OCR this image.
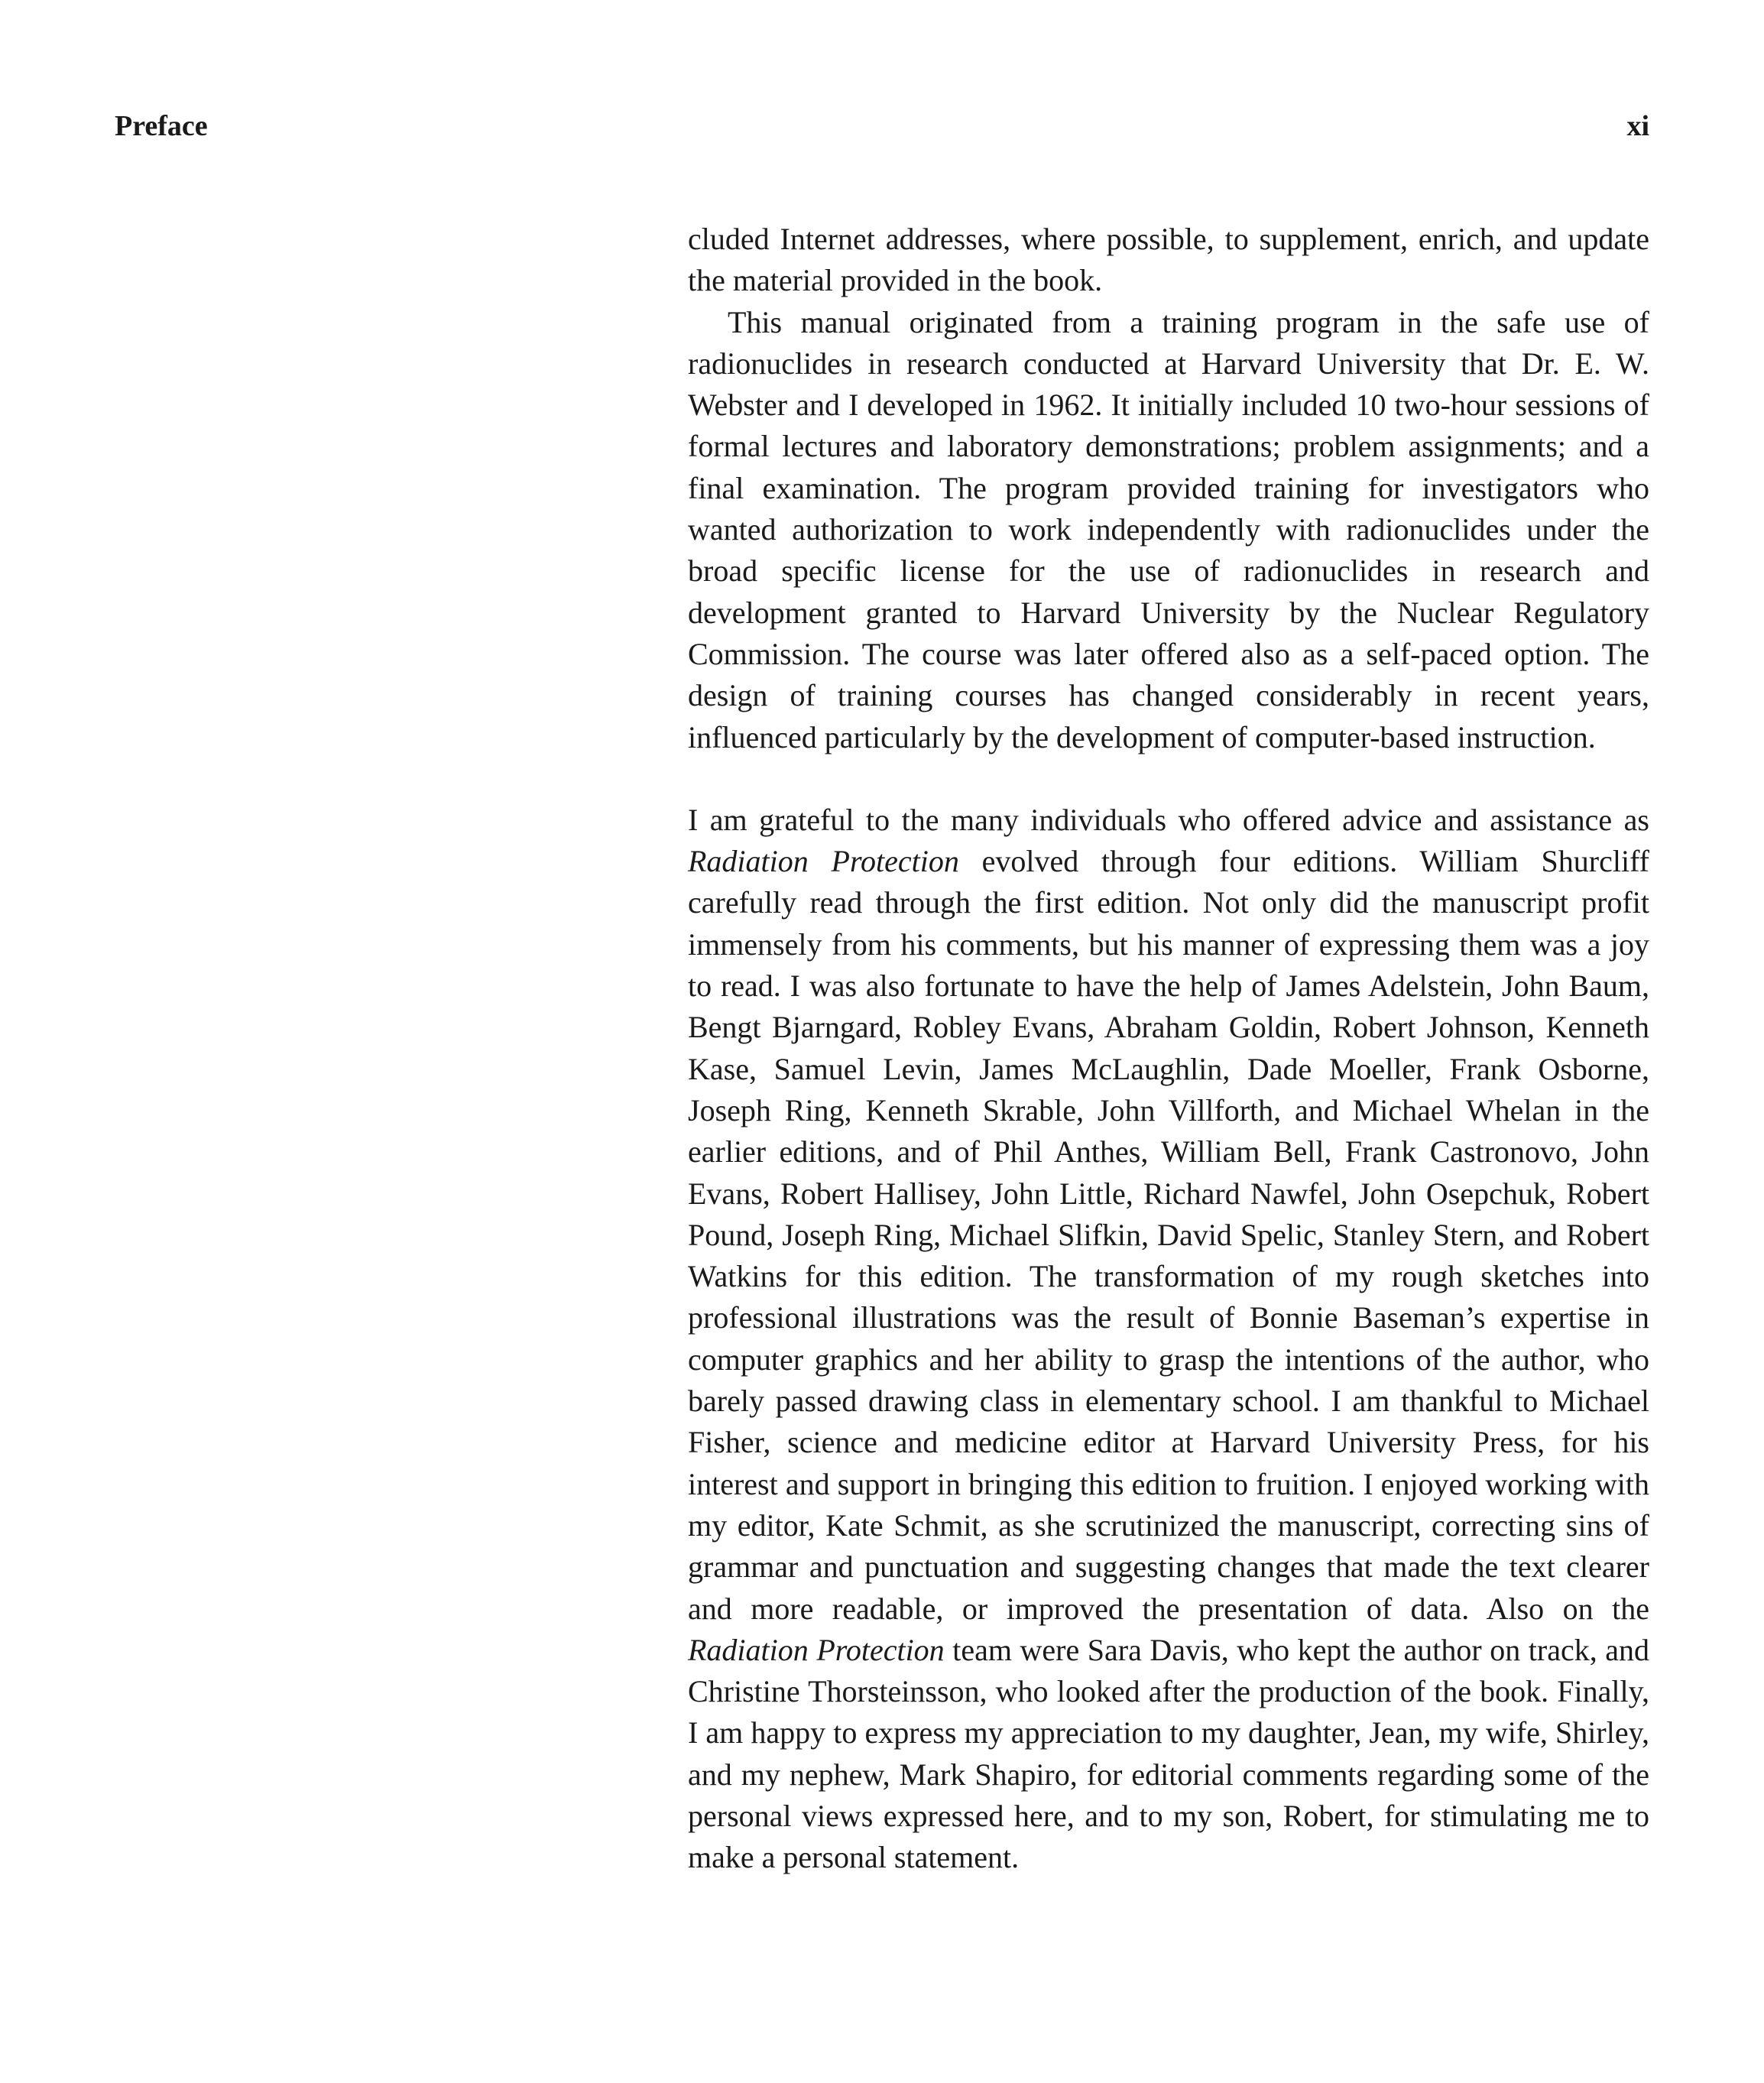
Preface	xi

cluded Internet addresses, where possible, to supplement, enrich, and update the material provided in the book.

This manual originated from a training program in the safe use of radionuclides in research conducted at Harvard University that Dr. E. W. Webster and I developed in 1962. It initially included 10 two-hour sessions of formal lectures and laboratory demonstrations; problem assignments; and a final examination. The program provided training for investigators who wanted authorization to work independently with radionuclides under the broad specific license for the use of radionuclides in research and development granted to Harvard University by the Nuclear Regulatory Commission. The course was later offered also as a self-paced option. The design of training courses has changed considerably in recent years, influenced particularly by the development of computer-based instruction.

I am grateful to the many individuals who offered advice and assistance as Radiation Protection evolved through four editions. William Shurcliff carefully read through the first edition. Not only did the manuscript profit immensely from his comments, but his manner of expressing them was a joy to read. I was also fortunate to have the help of James Adelstein, John Baum, Bengt Bjarngard, Robley Evans, Abraham Goldin, Robert Johnson, Kenneth Kase, Samuel Levin, James McLaughlin, Dade Moeller, Frank Osborne, Joseph Ring, Kenneth Skrable, John Villforth, and Michael Whelan in the earlier editions, and of Phil Anthes, William Bell, Frank Castronovo, John Evans, Robert Hallisey, John Little, Richard Nawfel, John Osepchuk, Robert Pound, Joseph Ring, Michael Slifkin, David Spelic, Stanley Stern, and Robert Watkins for this edition. The transformation of my rough sketches into professional illustrations was the result of Bonnie Baseman’s expertise in computer graphics and her ability to grasp the intentions of the author, who barely passed drawing class in elementary school. I am thankful to Michael Fisher, science and medicine editor at Harvard University Press, for his interest and support in bringing this edition to fruition. I enjoyed working with my editor, Kate Schmit, as she scrutinized the manuscript, correcting sins of grammar and punctuation and suggesting changes that made the text clearer and more readable, or improved the presentation of data. Also on the Radiation Protection team were Sara Davis, who kept the author on track, and Christine Thorsteinsson, who looked after the production of the book. Finally, I am happy to express my appreciation to my daughter, Jean, my wife, Shirley, and my nephew, Mark Shapiro, for editorial comments regarding some of the personal views expressed here, and to my son, Robert, for stimulating me to make a personal statement.
